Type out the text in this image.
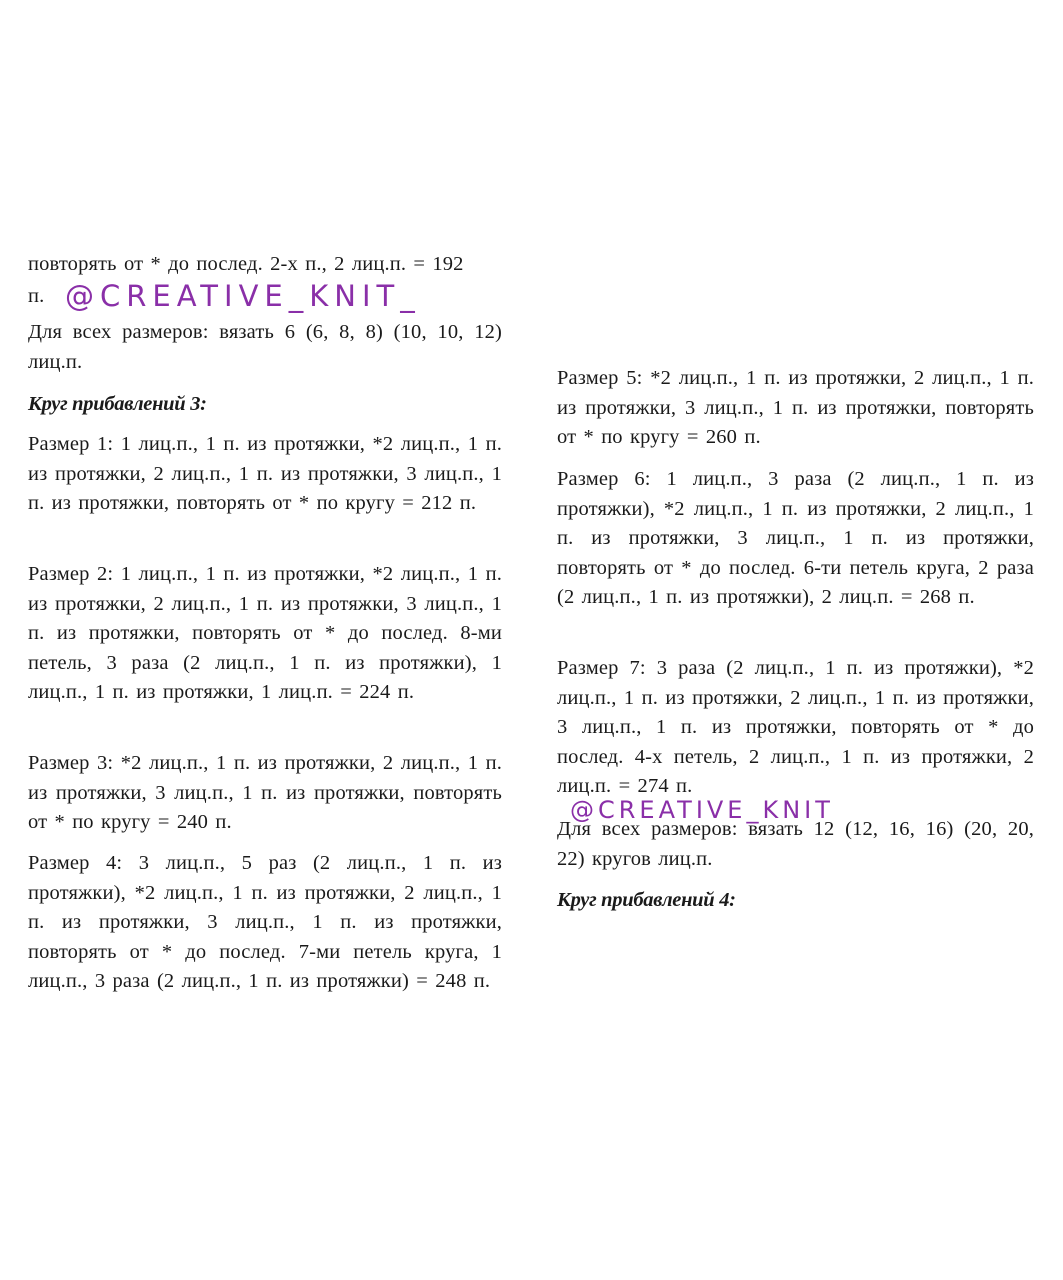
повторять от * до послед. 2-х п., 2 лиц.п. = 192

п.

Для всех размеров: вязать 6 (6, 8, 8) (10, 10, 12) лиц.п.

Круг прибавлений 3:

Размер 1: 1 лиц.п., 1 п. из протяжки, *2 лиц.п., 1 п. из протяжки, 2 лиц.п., 1 п. из протяжки, 3 лиц.п., 1 п. из протяжки, повторять от * по кругу = 212 п.

Размер 2: 1 лиц.п., 1 п. из протяжки, *2 лиц.п., 1 п. из протяжки, 2 лиц.п., 1 п. из протяжки, 3 лиц.п., 1 п. из протяжки, повторять от * до послед. 8-ми петель, 3 раза (2 лиц.п., 1 п. из протяжки), 1 лиц.п., 1 п. из протяжки, 1 лиц.п. = 224 п.

Размер 3: *2 лиц.п., 1 п. из протяжки, 2 лиц.п., 1 п. из протяжки, 3 лиц.п., 1 п. из протяжки, повторять от * по кругу = 240 п.

Размер 4: 3 лиц.п., 5 раз (2 лиц.п., 1 п. из протяжки), *2 лиц.п., 1 п. из протяжки, 2 лиц.п., 1 п. из протяжки, 3 лиц.п., 1 п. из протяжки, повторять от * до послед. 7-ми петель круга, 1 лиц.п., 3 раза (2 лиц.п., 1 п. из протяжки) = 248 п.

Размер 5: *2 лиц.п., 1 п. из протяжки, 2 лиц.п., 1 п. из протяжки, 3 лиц.п., 1 п. из протяжки, повторять от * по кругу = 260 п.

Размер 6: 1 лиц.п., 3 раза (2 лиц.п., 1 п. из протяжки), *2 лиц.п., 1 п. из протяжки, 2 лиц.п., 1 п. из протяжки, 3 лиц.п., 1 п. из протяжки, повторять от * до послед. 6-ти петель круга, 2 раза (2 лиц.п., 1 п. из протяжки), 2 лиц.п. = 268 п.

Размер 7: 3 раза (2 лиц.п., 1 п. из протяжки), *2 лиц.п., 1 п. из протяжки, 2 лиц.п., 1 п. из протяжки, 3 лиц.п., 1 п. из протяжки, повторять от * до послед. 4-х петель, 2 лиц.п., 1 п. из протяжки, 2 лиц.п. = 274 п.

Для всех размеров: вязать 12 (12, 16, 16) (20, 20, 22) кругов лиц.п.

Круг прибавлений 4:
@CREATIVE_KNIT_
@CREATIVE_KNIT
